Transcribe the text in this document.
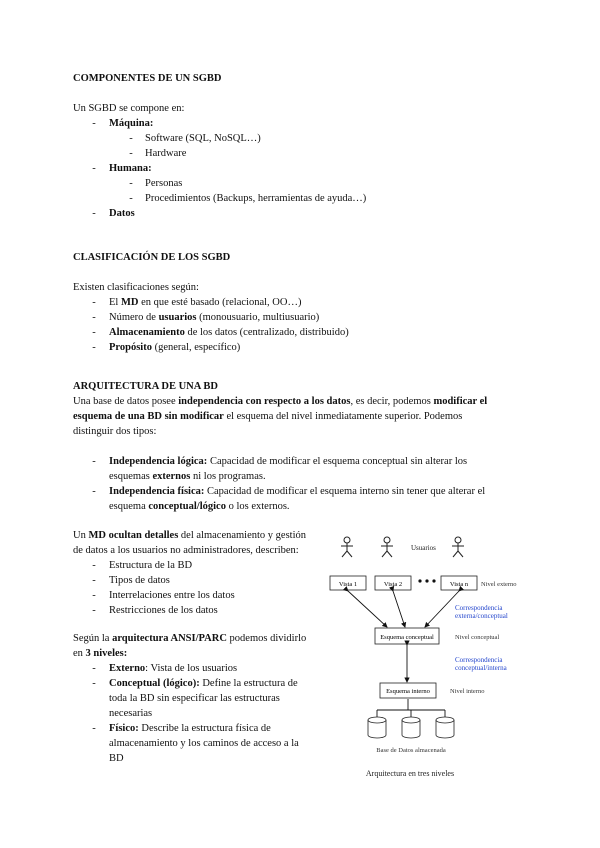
COMPONENTES DE UN SGBD
Un SGBD se compone en:
-	Máquina:
-	Software (SQL, NoSQL…)
-	Hardware
-	Humana:
-	Personas
-	Procedimientos (Backups, herramientas de ayuda…)
-	Datos
CLASIFICACIÓN DE LOS SGBD
Existen clasificaciones según:
-	El MD en que esté basado (relacional, OO…)
-	Número de usuarios (monousuario, multiusuario)
-	Almacenamiento de los datos (centralizado, distribuido)
-	Propósito (general, específico)
ARQUITECTURA DE UNA BD
Una base de datos posee independencia con respecto a los datos, es decir, podemos modificar el
esquema de una BD sin modificar el esquema del nivel inmediatamente superior. Podemos
distinguir dos tipos:
-	Independencia lógica: Capacidad de modificar el esquema conceptual sin alterar los
esquemas externos ni los programas.
-	Independencia física: Capacidad de modificar el esquema interno sin tener que alterar el
esquema conceptual/lógico o los externos.
Un MD ocultan detalles del almacenamiento y gestión
de datos a los usuarios no administradores, describen:
-	Estructura de la BD
-	Tipos de datos
-	Interrelaciones entre los datos
-	Restricciones de los datos
Según la arquitectura ANSI/PARC podemos dividirlo
en 3 niveles:
-	Externo: Vista de los usuarios
-	Conceptual (lógico): Define la estructura de
toda la BD sin especificar las estructuras
necesarias
-	Físico: Describe la estructura física de
almacenamiento y los caminos de acceso a la
BD
Usuarios
Vista 1	Vista 2	Vista n Nivel externo
Correspondencia
externa/conceptual
Esquema conceptual	Nivel conceptual
Correspondencia
conceptual/interna
Esquema interno	Nivel interno
Base de Datos almacenada
Arquitectura en tres niveles
